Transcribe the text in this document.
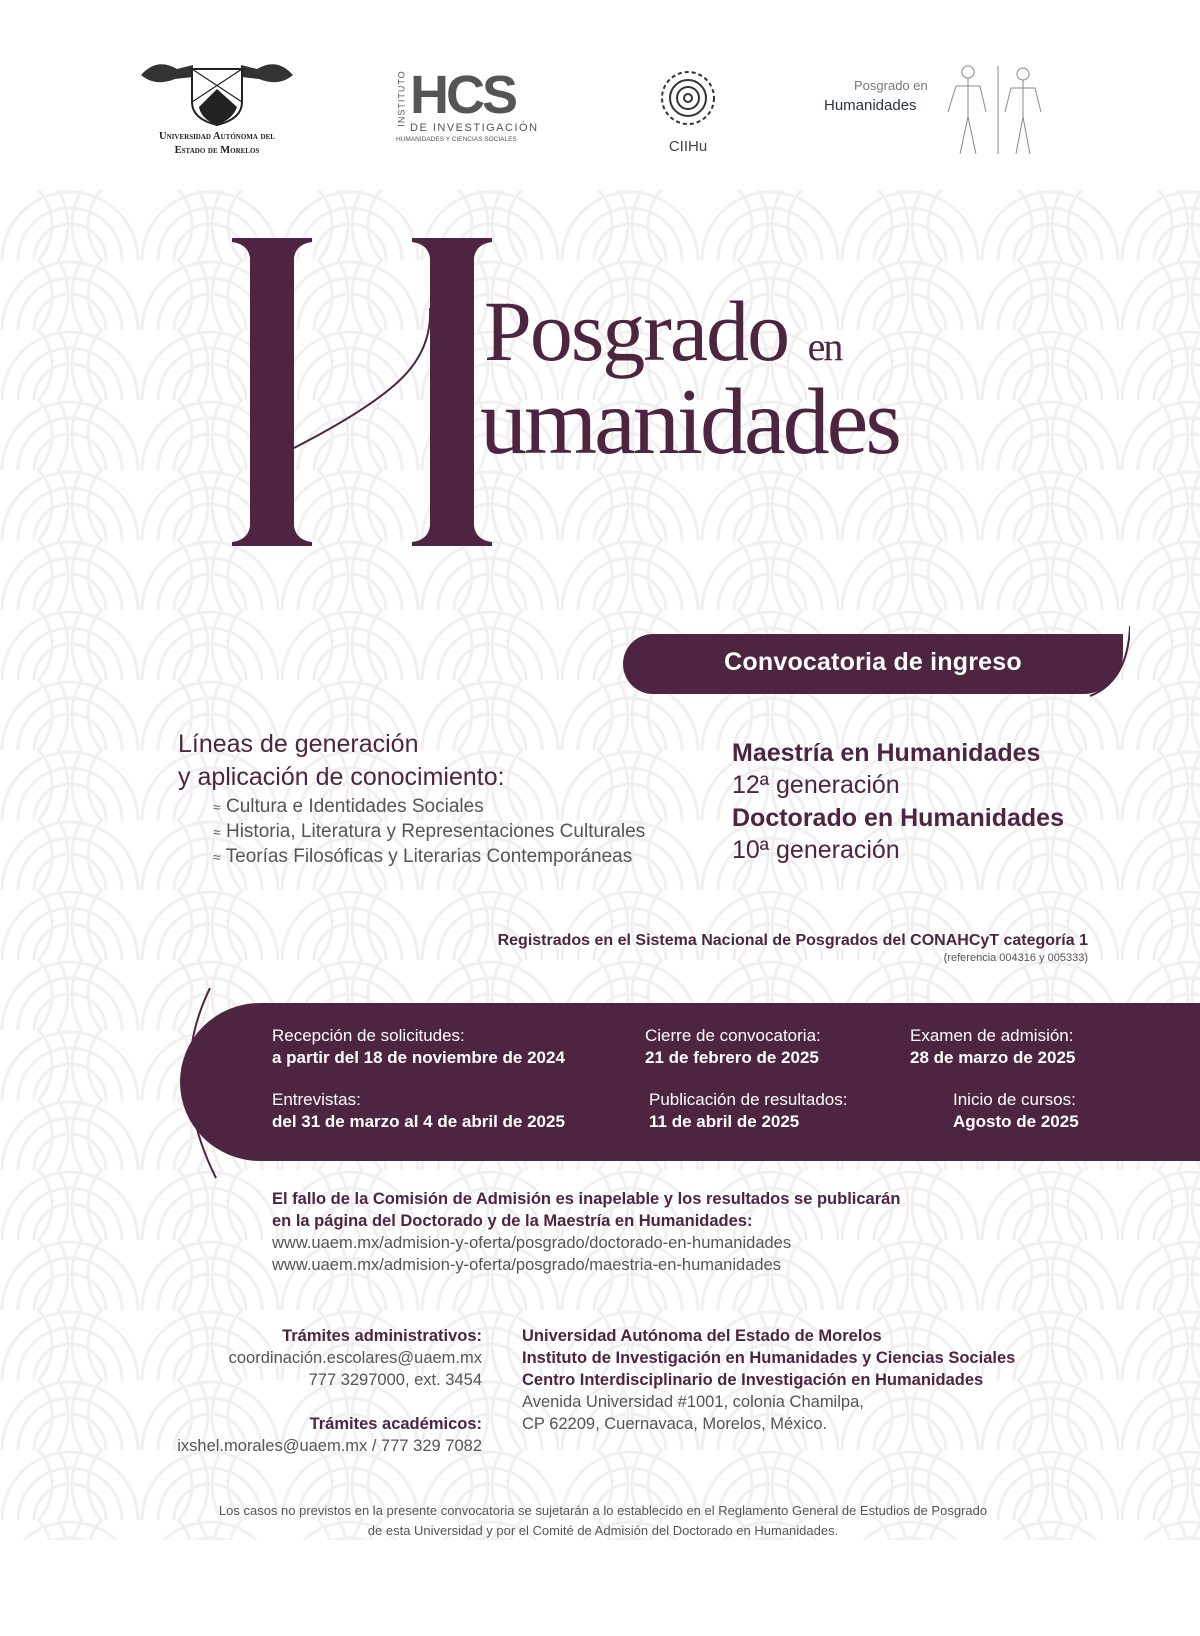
Universidad Autónoma del
Estado de Morelos
INSTITUTO HCS
DE INVESTIGACIÓN
HUMANIDADES Y CIENCIAS SOCIALES	CIIHu
Posgrado en
Humanidades
Posgrado en
umanidades
Convocatoria de ingreso
Líneas de generación
y aplicación de conocimiento:
≈ Cultura e Identidades Sociales
≈ Historia, Literatura y Representaciones Culturales
≈ Teorías Filosóficas y Literarias Contemporáneas
Maestría en Humanidades
12ª generación
Doctorado en Humanidades
10ª generación
Registrados en el Sistema Nacional de Posgrados del CONAHCyT categoría 1
(referencia 004316 y 005333)
Recepción de solicitudes:
a partir del 18 de noviembre de 2024
Cierre de convocatoria:
21 de febrero de 2025
Examen de admisión:
28 de marzo de 2025
Entrevistas:
del 31 de marzo al 4 de abril de 2025
Publicación de resultados:
11 de abril de 2025
Inicio de cursos:
Agosto de 2025
El fallo de la Comisión de Admisión es inapelable y los resultados se publicarán
en la página del Doctorado y de la Maestría en Humanidades:
www.uaem.mx/admision-y-oferta/posgrado/doctorado-en-humanidades
www.uaem.mx/admision-y-oferta/posgrado/maestria-en-humanidades
Trámites administrativos:
coordinación.escolares@uaem.mx
777 3297000, ext. 3454
Trámites académicos:
ixshel.morales@uaem.mx / 777 329 7082
Universidad Autónoma del Estado de Morelos
Instituto de Investigación en Humanidades y Ciencias Sociales
Centro Interdisciplinario de Investigación en Humanidades
Avenida Universidad #1001, colonia Chamilpa,
CP 62209, Cuernavaca, Morelos, México.
Los casos no previstos en la presente convocatoria se sujetarán a lo establecido en el Reglamento General de Estudios de Posgrado
de esta Universidad y por el Comité de Admisión del Doctorado en Humanidades.
